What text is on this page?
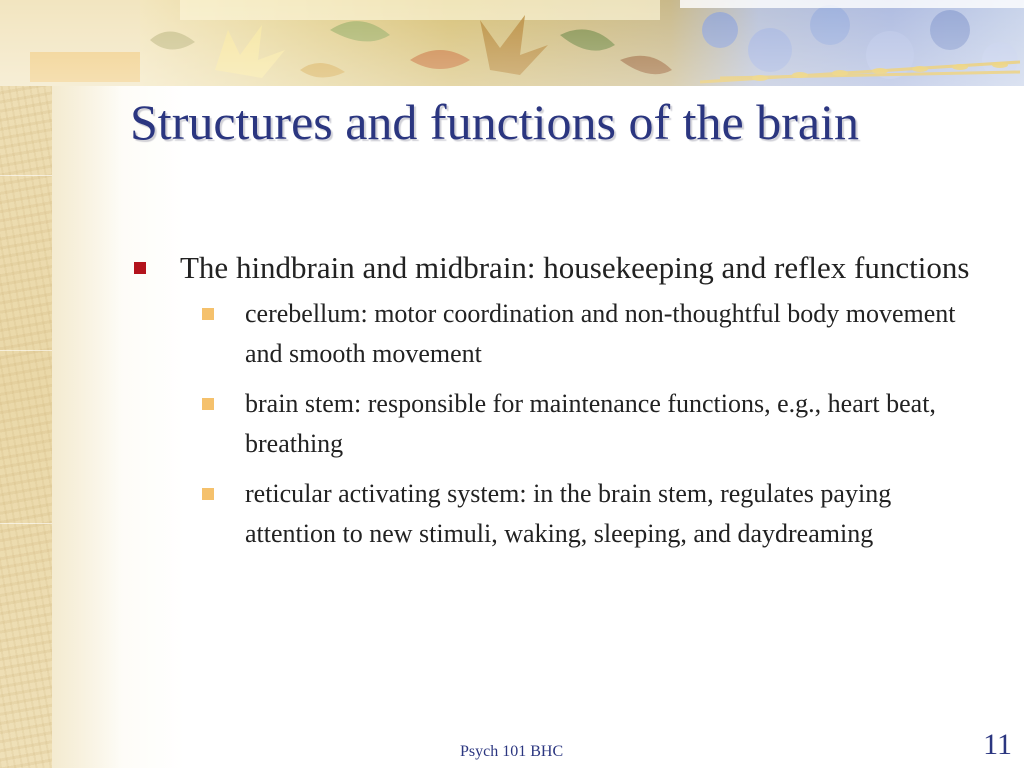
Structures and functions of the brain
The hindbrain and midbrain: housekeeping and reflex functions
cerebellum: motor coordination and non-thoughtful body movement and smooth movement
brain stem: responsible for maintenance functions, e.g., heart beat, breathing
reticular activating system: in the brain stem, regulates paying attention to new stimuli, waking, sleeping, and daydreaming
Psych 101 BHC	11
